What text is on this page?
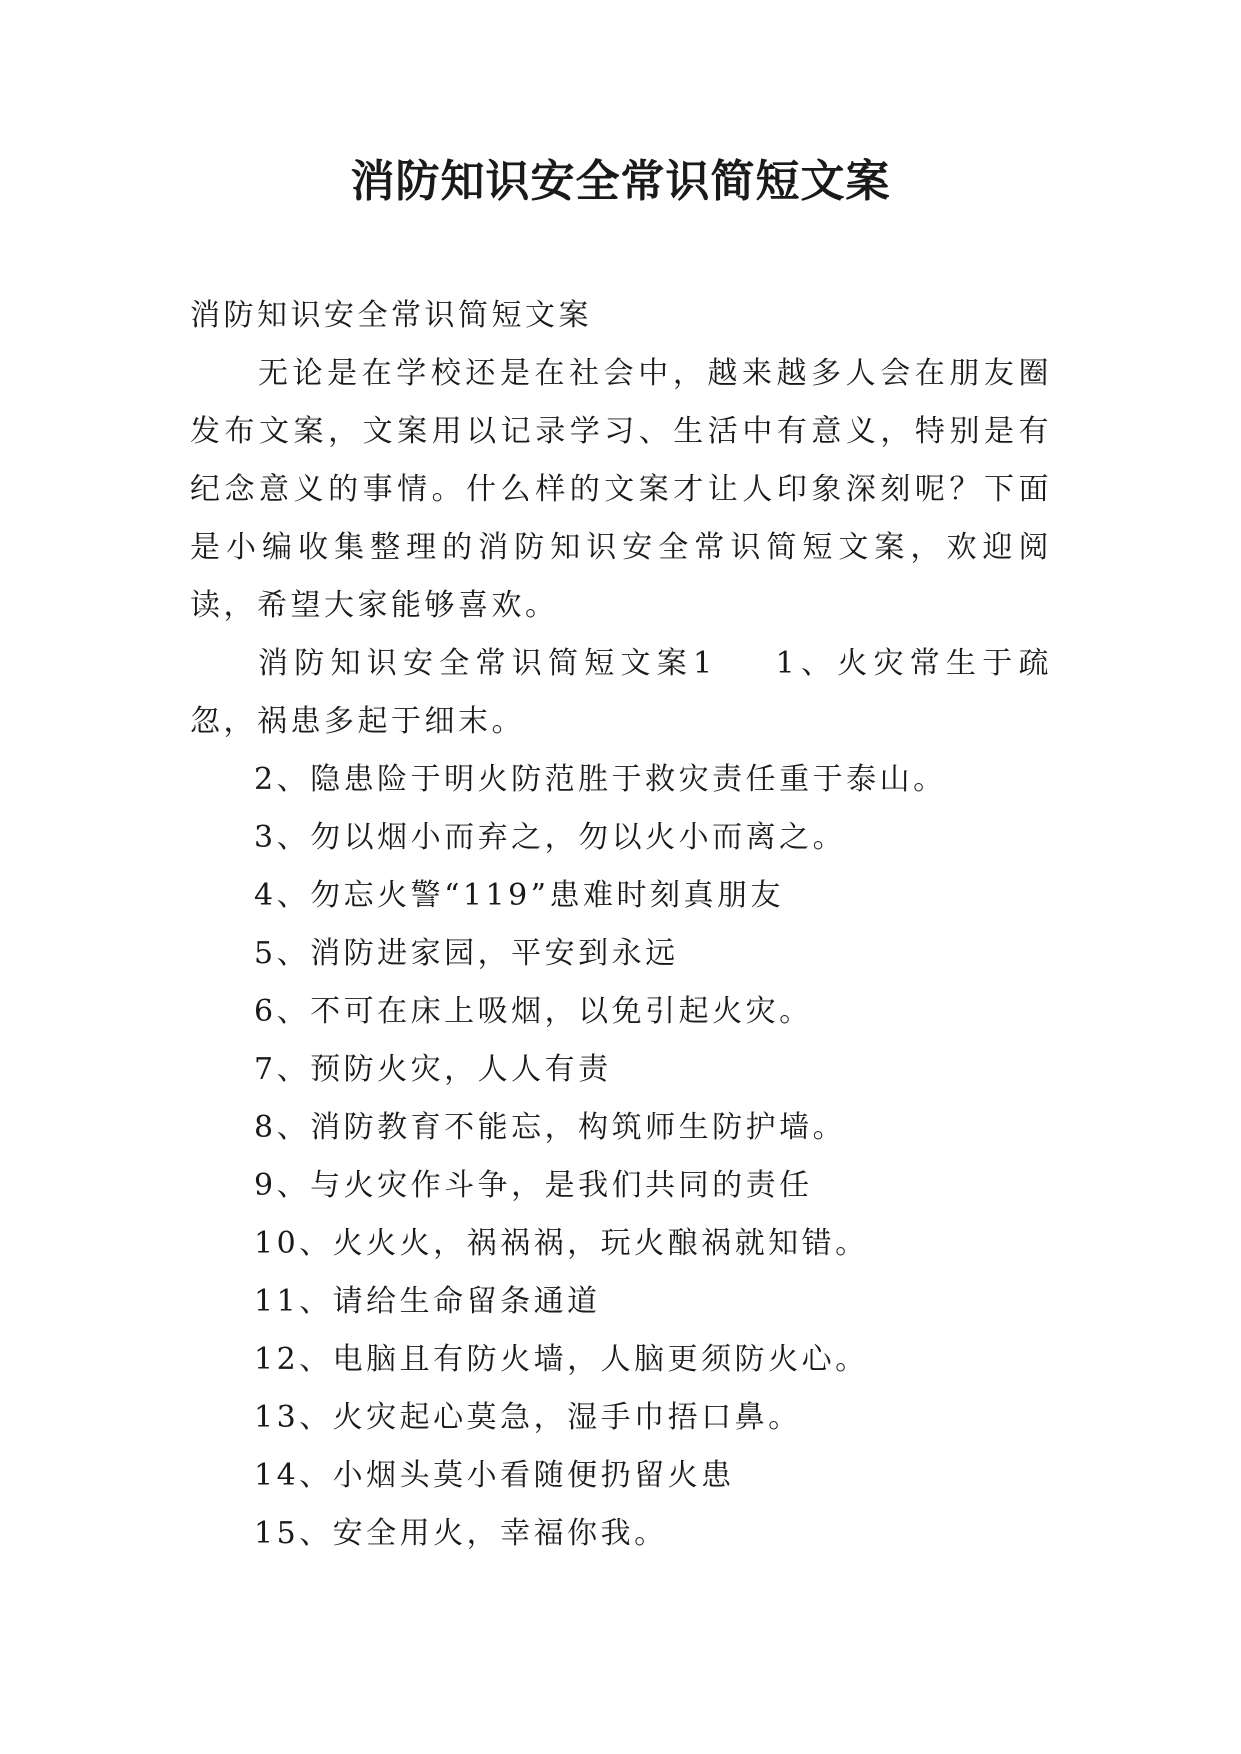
消防知识安全常识简短文案

消防知识安全常识简短文案

无论是在学校还是在社会中，越来越多人会在朋友圈发布文案，文案用以记录学习、生活中有意义，特别是有纪念意义的事情。什么样的文案才让人印象深刻呢？下面是小编收集整理的消防知识安全常识简短文案，欢迎阅读，希望大家能够喜欢。

消防知识安全常识简短文案1 1、火灾常生于疏忽，祸患多起于细末。

2、隐患险于明火防范胜于救灾责任重于泰山。

3、勿以烟小而弃之，勿以火小而离之。

4、勿忘火警“119”患难时刻真朋友

5、消防进家园，平安到永远

6、不可在床上吸烟，以免引起火灾。

7、预防火灾，人人有责

8、消防教育不能忘，构筑师生防护墙。

9、与火灾作斗争，是我们共同的责任

10、火火火，祸祸祸，玩火酿祸就知错。

11、请给生命留条通道

12、电脑且有防火墙，人脑更须防火心。

13、火灾起心莫急，湿手巾捂口鼻。

14、小烟头莫小看随便扔留火患

15、安全用火，幸福你我。
